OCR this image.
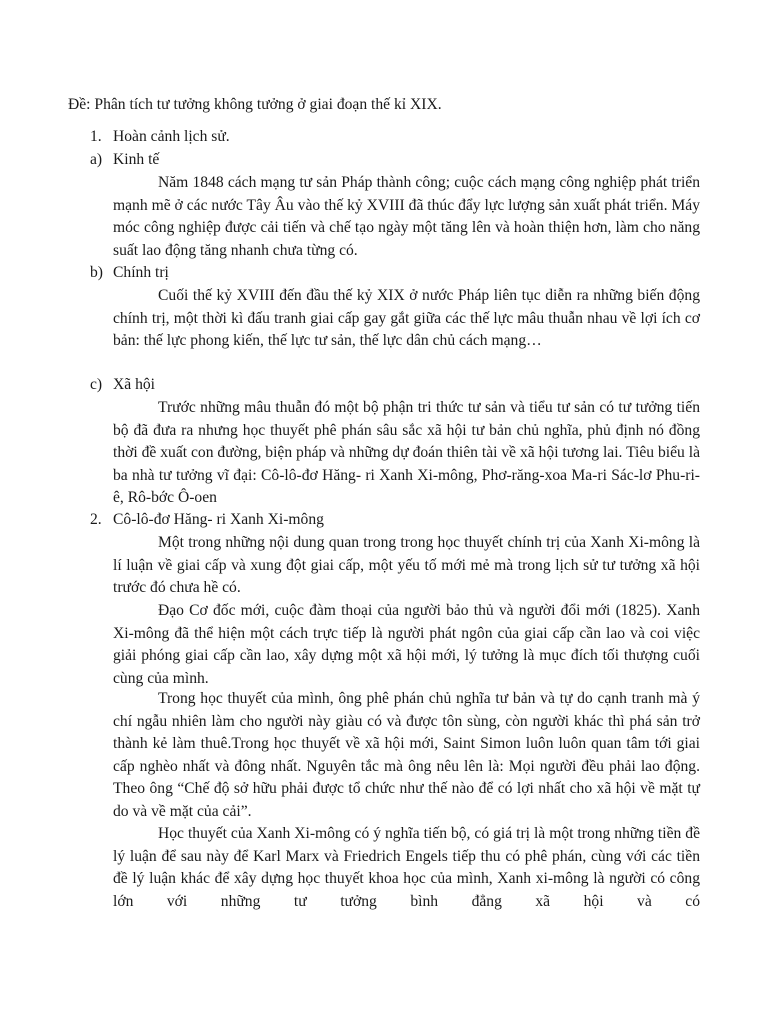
Đề: Phân tích tư tưởng không tưởng ở giai đoạn thế kỉ XIX.

1. Hoàn cảnh lịch sử.

a) Kinh tế

Năm 1848 cách mạng tư sản Pháp thành công; cuộc cách mạng công nghiệp phát triển mạnh mẽ ở các nước Tây Âu vào thế kỷ XVIII đã thúc đẩy lực lượng sản xuất phát triển. Máy móc công nghiệp được cải tiến và chế tạo ngày một tăng lên và hoàn thiện hơn, làm cho năng suất lao động tăng nhanh chưa từng có.

b) Chính trị

Cuối thế kỷ XVIII đến đầu thế kỷ XIX ở nước Pháp liên tục diễn ra những biến động chính trị, một thời kì đấu tranh giai cấp gay gắt giữa các thế lực mâu thuẫn nhau về lợi ích cơ bản: thế lực phong kiến, thế lực tư sản, thế lực dân chủ cách mạng…

c) Xã hội

Trước những mâu thuẫn đó một bộ phận tri thức tư sản và tiểu tư sản có tư tưởng tiến bộ đã đưa ra nhưng học thuyết phê phán sâu sắc xã hội tư bản chủ nghĩa, phủ định nó đồng thời đề xuất con đường, biện pháp và những dự đoán thiên tài về xã hội tương lai. Tiêu biểu là ba nhà tư tưởng vĩ đại: Cô-lô-đơ Hăng- ri Xanh Xi-mông, Phơ-răng-xoa Ma-ri Sác-lơ Phu-ri-ê, Rô-bớc Ô-oen

2. Cô-lô-đơ Hăng- ri Xanh Xi-mông

Một trong những nội dung quan trong trong học thuyết chính trị của Xanh Xi-mông là lí luận về giai cấp và xung đột giai cấp, một yếu tố mới mẻ mà trong lịch sử tư tưởng xã hội trước đó chưa hề có.

Đạo Cơ đốc mới, cuộc đàm thoại của người bảo thủ và người đổi mới (1825). Xanh Xi-mông đã thể hiện một cách trực tiếp là người phát ngôn của giai cấp cần lao và coi việc giải phóng giai cấp cần lao, xây dựng một xã hội mới, lý tưởng là mục đích tối thượng cuối cùng của mình.

Trong học thuyết của mình, ông phê phán chủ nghĩa tư bản và tự do cạnh tranh mà ý chí ngẫu nhiên làm cho người này giàu có và được tôn sùng, còn người khác thì phá sản trở thành kẻ làm thuê.Trong học thuyết về xã hội mới, Saint Simon luôn luôn quan tâm tới giai cấp nghèo nhất và đông nhất. Nguyên tắc mà ông nêu lên là: Mọi người đều phải lao động. Theo ông “Chế độ sở hữu phải được tổ chức như thế nào để có lợi nhất cho xã hội về mặt tự do và về mặt của cải”.

Học thuyết của Xanh Xi-mông có ý nghĩa tiến bộ, có giá trị là một trong những tiền đề lý luận để sau này để Karl Marx và Friedrich Engels tiếp thu có phê phán, cùng với các tiền đề lý luận khác để xây dựng học thuyết khoa học của mình, Xanh xi-mông là người có công lớn với những tư tưởng bình đẳng xã hội và có
